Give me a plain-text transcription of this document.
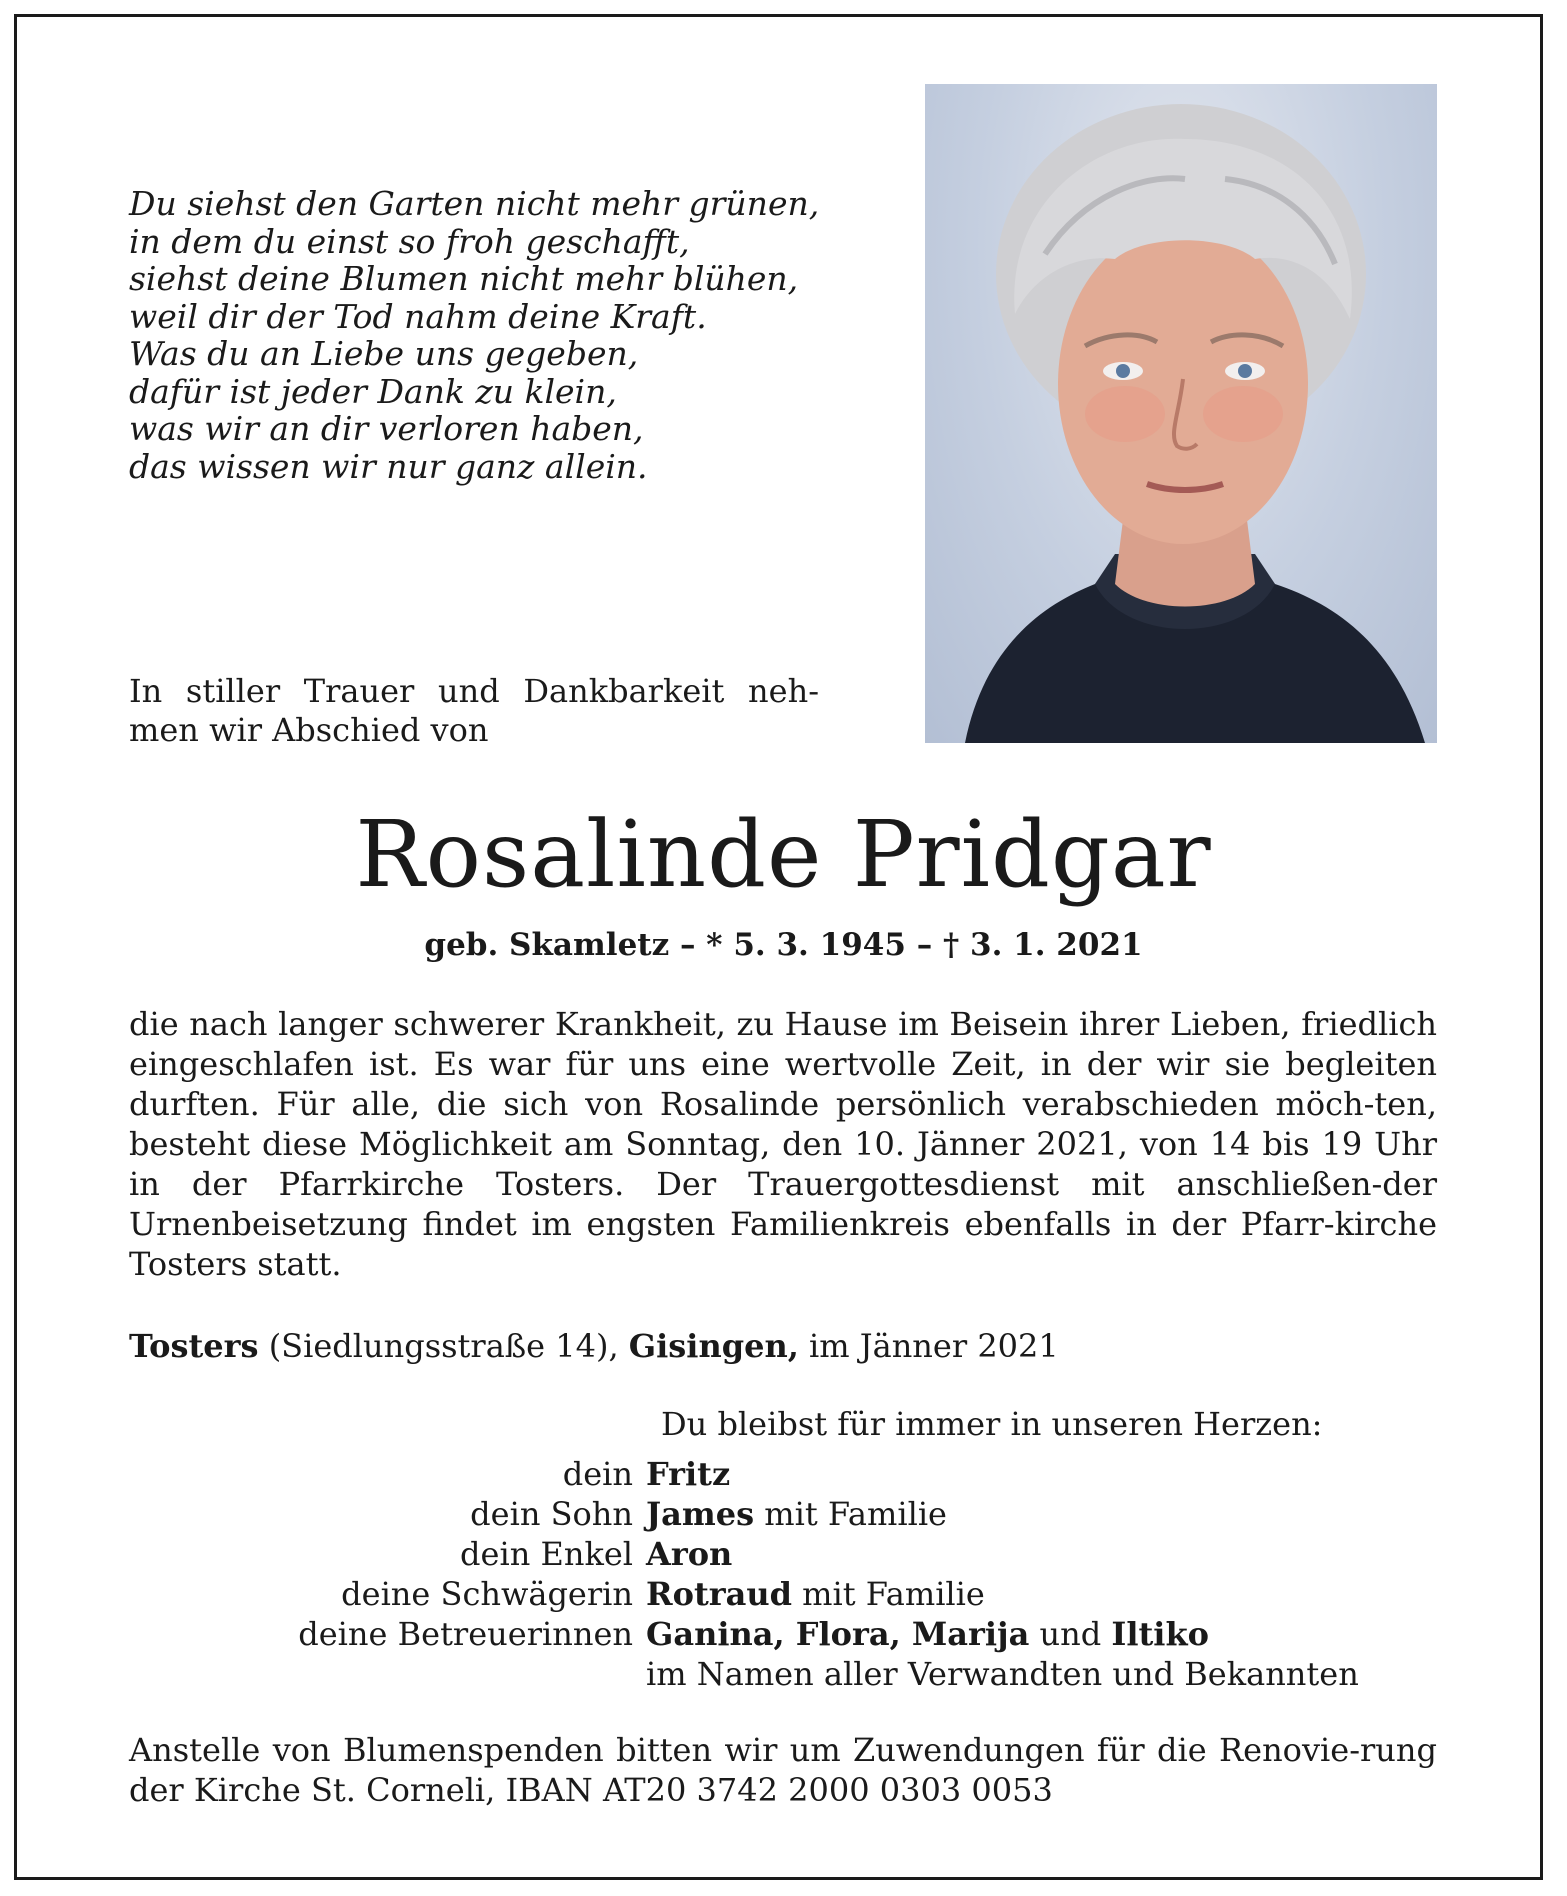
Du siehst den Garten nicht mehr grünen,
in dem du einst so froh geschafft,
siehst deine Blumen nicht mehr blühen,
weil dir der Tod nahm deine Kraft.
Was du an Liebe uns gegeben,
dafür ist jeder Dank zu klein,
was wir an dir verloren haben,
das wissen wir nur ganz allein.
In stiller Trauer und Dankbarkeit neh-men wir Abschied von
Rosalinde Pridgar
geb. Skamletz – * 5. 3. 1945 – † 3. 1. 2021
die nach langer schwerer Krankheit, zu Hause im Beisein ihrer Lieben, friedlich eingeschlafen ist. Es war für uns eine wertvolle Zeit, in der wir sie begleiten durften. Für alle, die sich von Rosalinde persönlich verabschieden möch-ten, besteht diese Möglichkeit am Sonntag, den 10. Jänner 2021, von 14 bis 19 Uhr in der Pfarrkirche Tosters. Der Trauergottesdienst mit anschließen-der Urnenbeisetzung findet im engsten Familienkreis ebenfalls in der Pfarr-kirche Tosters statt.
Tosters (Siedlungsstraße 14), Gisingen, im Jänner 2021
Du bleibst für immer in unseren Herzen:
dein Fritz
dein Sohn James mit Familie
dein Enkel Aron
deine Schwägerin Rotraud mit Familie
deine Betreuerinnen Ganina, Flora, Marija und Iltiko
im Namen aller Verwandten und Bekannten
Anstelle von Blumenspenden bitten wir um Zuwendungen für die Renovie-rung der Kirche St. Corneli, IBAN AT20 3742 2000 0303 0053
